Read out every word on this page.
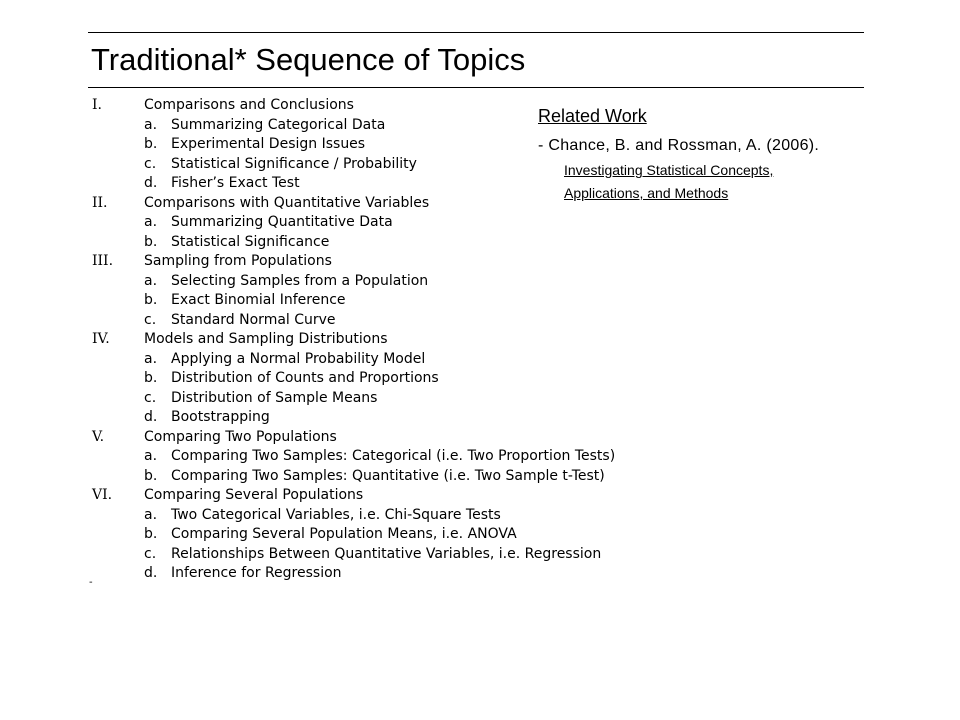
Traditional* Sequence of Topics
I.	Comparisons and Conclusions
a. Summarizing Categorical Data
b. Experimental Design Issues
c.	Statistical Significance / Probability
d. Fisher’s Exact Test
II.	Comparisons with Quantitative Variables
a. Summarizing Quantitative Data
b. Statistical Significance
III. Sampling from Populations
a. Selecting Samples from a Population
b. Exact Binomial Inference
c.	Standard Normal Curve
IV. Models and Sampling Distributions
a. Applying a Normal Probability Model
b. Distribution of Counts and Proportions
c.	Distribution of Sample Means
d. Bootstrapping
V.	Comparing Two Populations
a. Comparing Two Samples: Categorical (i.e. Two Proportion Tests)
b. Comparing Two Samples: Quantitative (i.e. Two Sample t-Test)
VI. Comparing Several Populations
a. Two Categorical Variables, i.e. Chi-Square Tests
b. Comparing Several Population Means, i.e. ANOVA
c.	Relationships Between Quantitative Variables, i.e. Regression
d. Inference for Regression
-
Related Work
- Chance, B. and Rossman, A. (2006).
Investigating Statistical Concepts,
Applications, and Methods
